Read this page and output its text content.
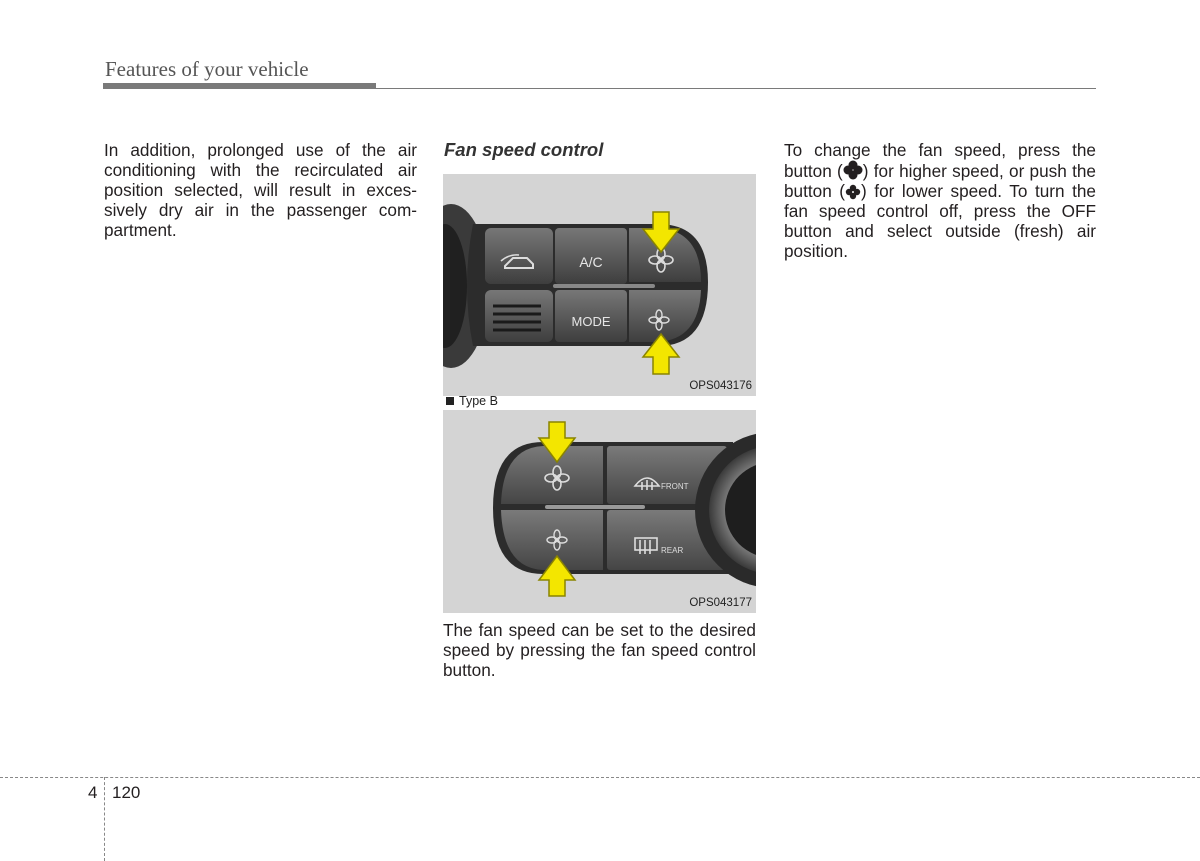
Features of your vehicle

In addition, prolonged use of the air conditioning with the recirculated air position selected, will result in exces-sively dry air in the passenger com-partment.

Fan speed control
A/C
MODE
OPS043176
Type B
FRONT
REAR
OPS043177

The fan speed can be set to the desired speed by pressing the fan speed control button.

To change the fan speed, press the button ( ) for higher speed, or push the button ( ) for lower speed. To turn the fan speed control off, press the OFF button and select outside (fresh) air position.

4 120
